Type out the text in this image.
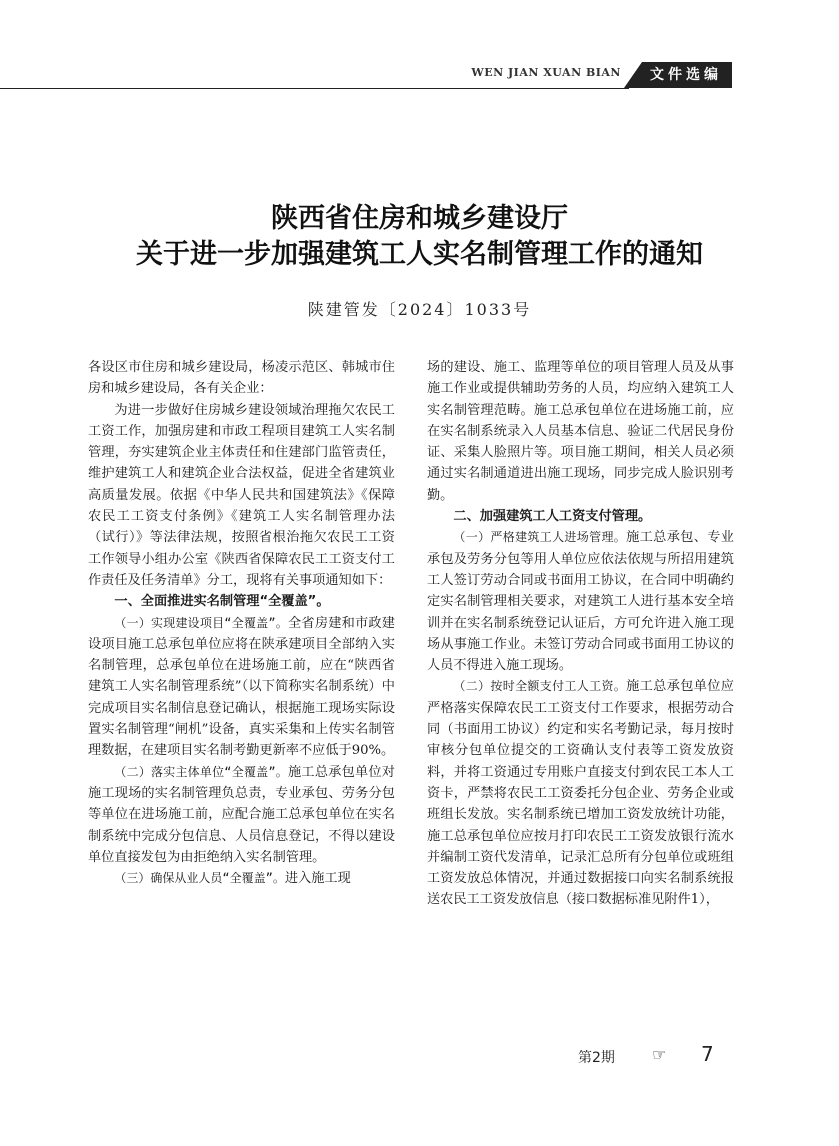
WEN JIAN XUAN BIAN 文件选编
陕西省住房和城乡建设厅
关于进一步加强建筑工人实名制管理工作的通知
陕建管发〔2024〕1033号

各设区市住房和城乡建设局，杨凌示范区、韩城市住房和城乡建设局，各有关企业：

为进一步做好住房城乡建设领域治理拖欠农民工工资工作，加强房建和市政工程项目建筑工人实名制管理，夯实建筑企业主体责任和住建部门监管责任，维护建筑工人和建筑企业合法权益，促进全省建筑业高质量发展。依据《中华人民共和国建筑法》《保障农民工工资支付条例》《建筑工人实名制管理办法（试行）》等法律法规，按照省根治拖欠农民工工资工作领导小组办公室《陕西省保障农民工工资支付工作责任及任务清单》分工，现将有关事项通知如下：

一、全面推进实名制管理“全覆盖”。

（一）实现建设项目“全覆盖”。全省房建和市政建设项目施工总承包单位应将在陕承建项目全部纳入实名制管理，总承包单位在进场施工前，应在“陕西省建筑工人实名制管理系统”（以下简称实名制系统）中完成项目实名制信息登记确认，根据施工现场实际设置实名制管理“闸机”设备，真实采集和上传实名制管理数据，在建项目实名制考勤更新率不应低于90%。

（二）落实主体单位“全覆盖”。施工总承包单位对施工现场的实名制管理负总责，专业承包、劳务分包等单位在进场施工前，应配合施工总承包单位在实名制系统中完成分包信息、人员信息登记，不得以建设单位直接发包为由拒绝纳入实名制管理。

（三）确保从业人员“全覆盖”。进入施工现

场的建设、施工、监理等单位的项目管理人员及从事施工作业或提供辅助劳务的人员，均应纳入建筑工人实名制管理范畴。施工总承包单位在进场施工前，应在实名制系统录入人员基本信息、验证二代居民身份证、采集人脸照片等。项目施工期间，相关人员必须通过实名制通道进出施工现场，同步完成人脸识别考勤。

二、加强建筑工人工资支付管理。

（一）严格建筑工人进场管理。施工总承包、专业承包及劳务分包等用人单位应依法依规与所招用建筑工人签订劳动合同或书面用工协议，在合同中明确约定实名制管理相关要求，对建筑工人进行基本安全培训并在实名制系统登记认证后，方可允许进入施工现场从事施工作业。未签订劳动合同或书面用工协议的人员不得进入施工现场。

（二）按时全额支付工人工资。施工总承包单位应严格落实保障农民工工资支付工作要求，根据劳动合同（书面用工协议）约定和实名考勤记录，每月按时审核分包单位提交的工资确认支付表等工资发放资料，并将工资通过专用账户直接支付到农民工本人工资卡，严禁将农民工工资委托分包企业、劳务企业或班组长发放。实名制系统已增加工资发放统计功能，施工总承包单位应按月打印农民工工资发放银行流水并编制工资代发清单，记录汇总所有分包单位或班组工资发放总体情况，并通过数据接口向实名制系统报送农民工工资发放信息（接口数据标准见附件1），

第2期 ☞ 7
